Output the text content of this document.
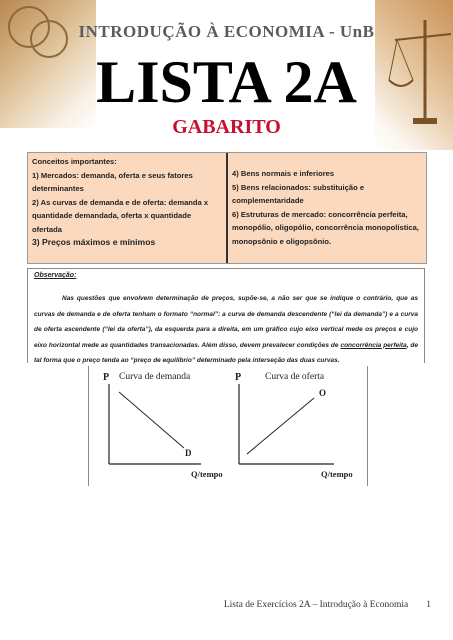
INTRODUÇÃO À ECONOMIA - UnB
LISTA 2A
GABARITO
Conceitos importantes:
1) Mercados: demanda, oferta e seus fatores
determinantes
2) As curvas de demanda e de oferta: demanda x
quantidade demandada, oferta x quantidade
ofertada
3) Preços máximos e mínimos
4) Bens normais e inferiores
5) Bens relacionados: substituição e
complementaridade
6) Estruturas de mercado: concorrência perfeita,
monopólio, oligopólio, concorrência monopolística,
monopsônio e oligopsônio.
Observação:
Nas questões que envolvem determinação de preços, supõe-se, a não ser que se indique o contrário, que as curvas de demanda e de oferta tenham o formato “normal”: a curva de demanda descendente (“lei da demanda”) e a curva de oferta ascendente (“lei da oferta”), da esquerda para a direita, em um gráfico cujo eixo vertical mede os preços e cujo eixo horizontal mede as quantidades transacionadas. Além disso, devem prevalecer condições de concorrência perfeita, de tal forma que o preço tenda ao “preço de equilíbrio” determinado pela interseção das duas curvas.
P Curva de demanda
D
Q/tempo
P	Curva de oferta
O
Q/tempo
Lista de Exercícios 2A – Introdução à Economia 1
